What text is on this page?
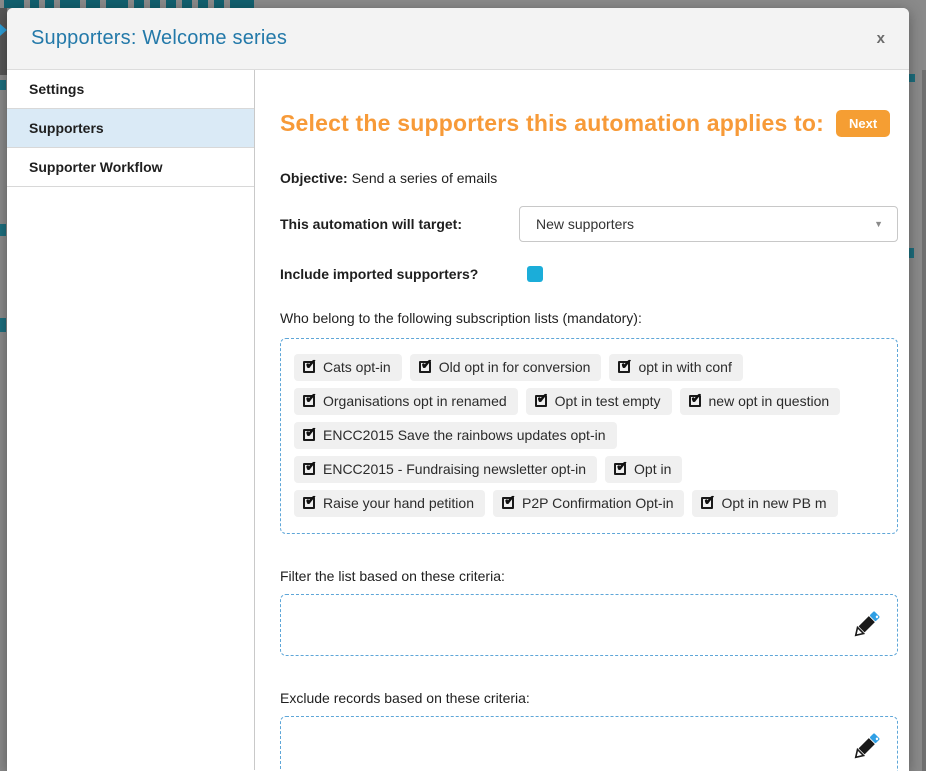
Supporters: Welcome series	x
Settings
Supporters
Supporter Workflow
Select the supporters this automation applies to:	Next
Objective: Send a series of emails
This automation will target:	New supporters	▼
Include imported supporters?
Who belong to the following subscription lists (mandatory):
✔
Cats opt-in ✔	Old opt in for conversion ✔	opt in with conf
✔
Organisations opt in renamed ✔	Opt in test empty ✔	new opt in question
✔
ENCC2015 Save the rainbows updates opt-in
✔
ENCC2015 - Fundraising newsletter opt-in ✔	Opt in
✔
Raise your hand petition ✔	P2P Confirmation Opt-in ✔	Opt in new PB m
Filter the list based on these criteria:
Exclude records based on these criteria:
